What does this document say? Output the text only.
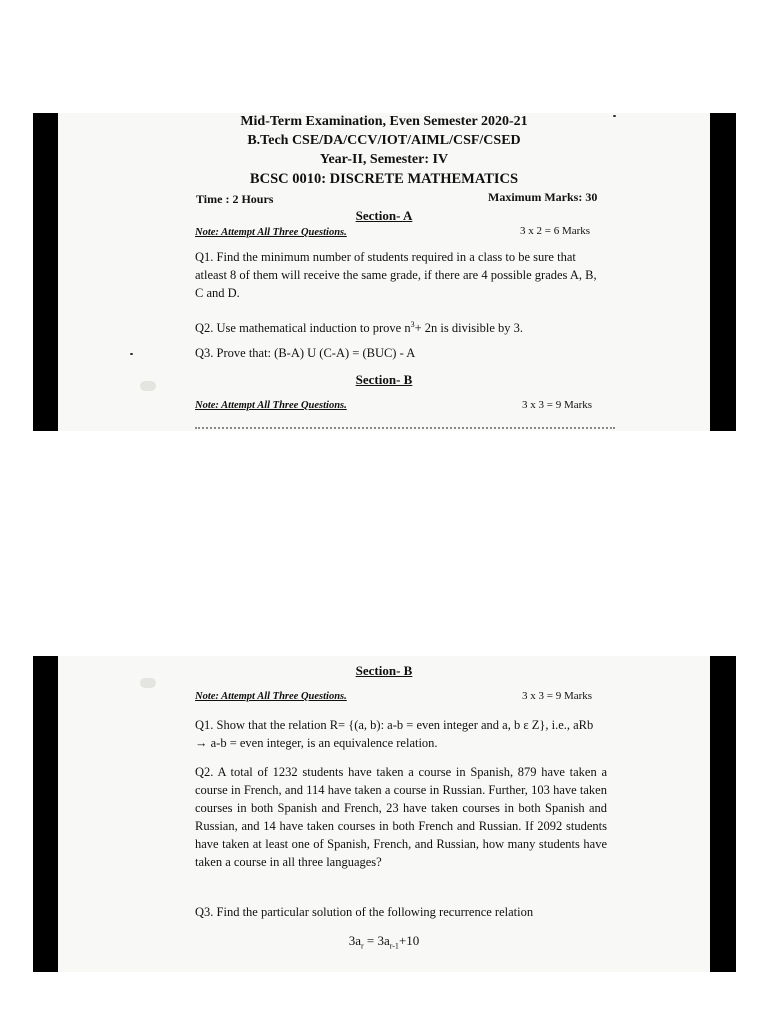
Mid-Term Examination, Even Semester 2020-21
B.Tech CSE/DA/CCV/IOT/AIML/CSF/CSED
Year-II, Semester: IV
BCSC 0010: DISCRETE MATHEMATICS
Time : 2 Hours	Maximum Marks: 30
Section- A
Note: Attempt All Three Questions.	3 x 2 = 6 Marks
Q1. Find the minimum number of students required in a class to be sure that atleast 8 of them will receive the same grade, if there are 4 possible grades A, B, C and D.
Q2. Use mathematical induction to prove $n^3+ 2n$ is divisible by 3.
Q3. Prove that: (B-A) U (C-A) = (BUC) - A
Section- B
Note: Attempt All Three Questions.	3 x 3 = 9 Marks
Section- B
Note: Attempt All Three Questions.	3 x 3 = 9 Marks
Q1. Show that the relation R= {(a, b): a-b = even integer and a, b ε Z}, i.e., aRb → a-b = even integer, is an equivalence relation.
Q2. A total of 1232 students have taken a course in Spanish, 879 have taken a course in French, and 114 have taken a course in Russian. Further, 103 have taken courses in both Spanish and French, 23 have taken courses in both Spanish and Russian, and 14 have taken courses in both French and Russian. If 2092 students have taken at least one of Spanish, French, and Russian, how many students have taken a course in all three languages?
Q3. Find the particular solution of the following recurrence relation
$3a_r = 3a_{r-1}+10$
